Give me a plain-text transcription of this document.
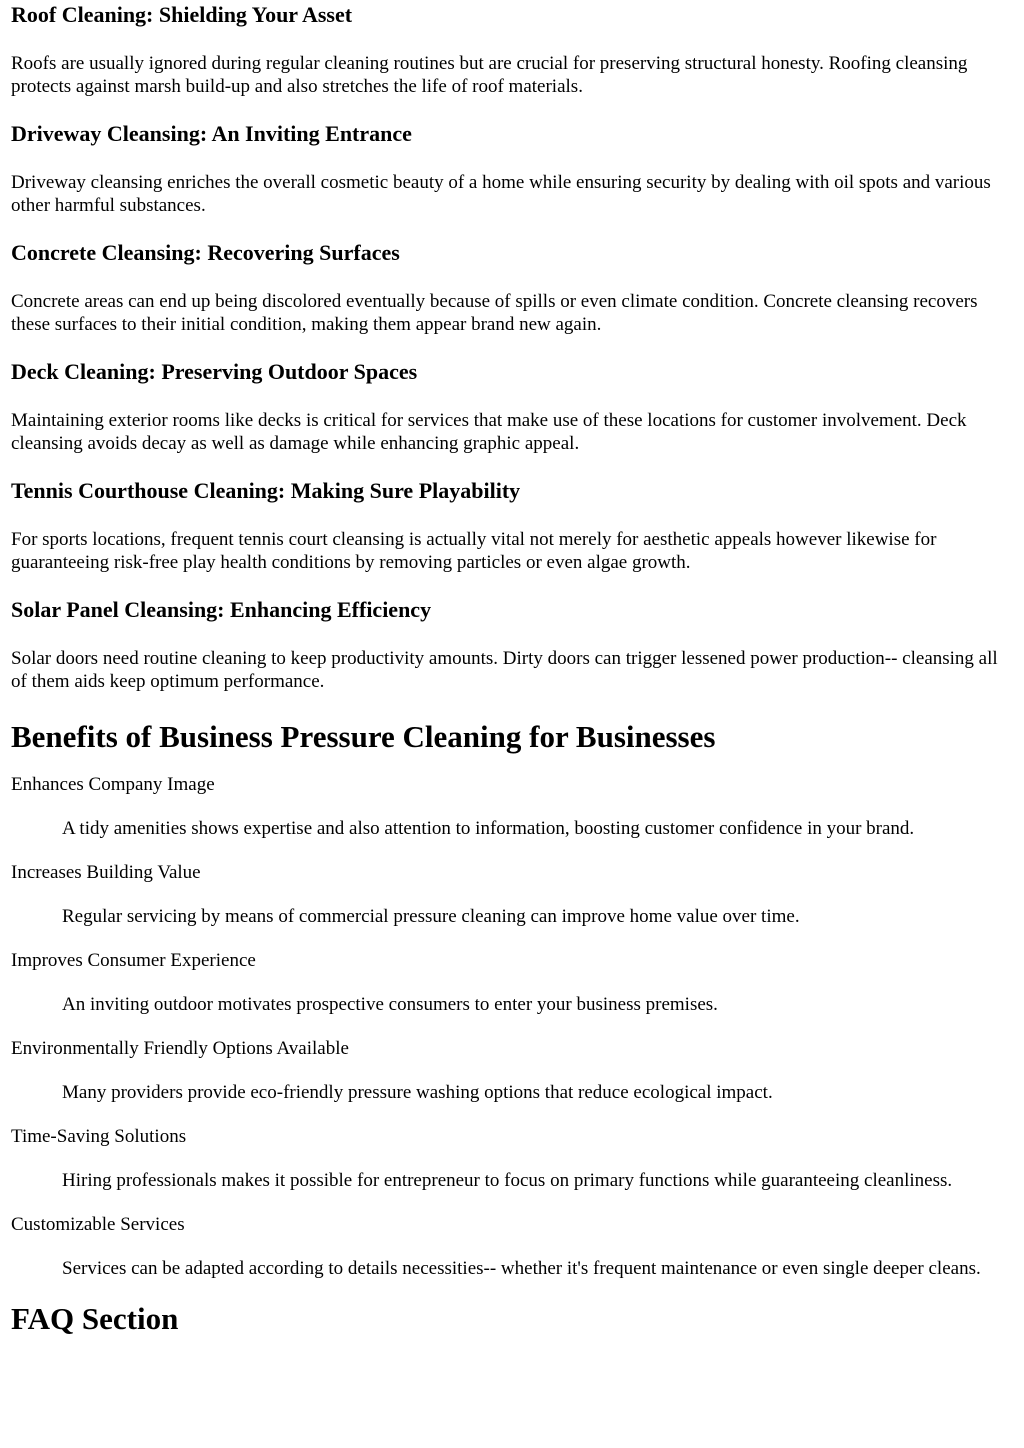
Roof Cleaning: Shielding Your Asset

Roofs are usually ignored during regular cleaning routines but are crucial for preserving structural honesty. Roofing cleansing protects against marsh build-up and also stretches the life of roof materials.

Driveway Cleansing: An Inviting Entrance

Driveway cleansing enriches the overall cosmetic beauty of a home while ensuring security by dealing with oil spots and various other harmful substances.

Concrete Cleansing: Recovering Surfaces

Concrete areas can end up being discolored eventually because of spills or even climate condition. Concrete cleansing recovers these surfaces to their initial condition, making them appear brand new again.

Deck Cleaning: Preserving Outdoor Spaces

Maintaining exterior rooms like decks is critical for services that make use of these locations for customer involvement. Deck cleansing avoids decay as well as damage while enhancing graphic appeal.

Tennis Courthouse Cleaning: Making Sure Playability

For sports locations, frequent tennis court cleansing is actually vital not merely for aesthetic appeals however likewise for guaranteeing risk-free play health conditions by removing particles or even algae growth.

Solar Panel Cleansing: Enhancing Efficiency

Solar doors need routine cleaning to keep productivity amounts. Dirty doors can trigger lessened power production-- cleansing all of them aids keep optimum performance.

Benefits of Business Pressure Cleaning for Businesses
Enhances Company Image
A tidy amenities shows expertise and also attention to information, boosting customer confidence in your brand.
Increases Building Value
Regular servicing by means of commercial pressure cleaning can improve home value over time.
Improves Consumer Experience
An inviting outdoor motivates prospective consumers to enter your business premises.
Environmentally Friendly Options Available
Many providers provide eco-friendly pressure washing options that reduce ecological impact.
Time-Saving Solutions
Hiring professionals makes it possible for entrepreneur to focus on primary functions while guaranteeing cleanliness.
Customizable Services
Services can be adapted according to details necessities-- whether it's frequent maintenance or even single deeper cleans.
FAQ Section
